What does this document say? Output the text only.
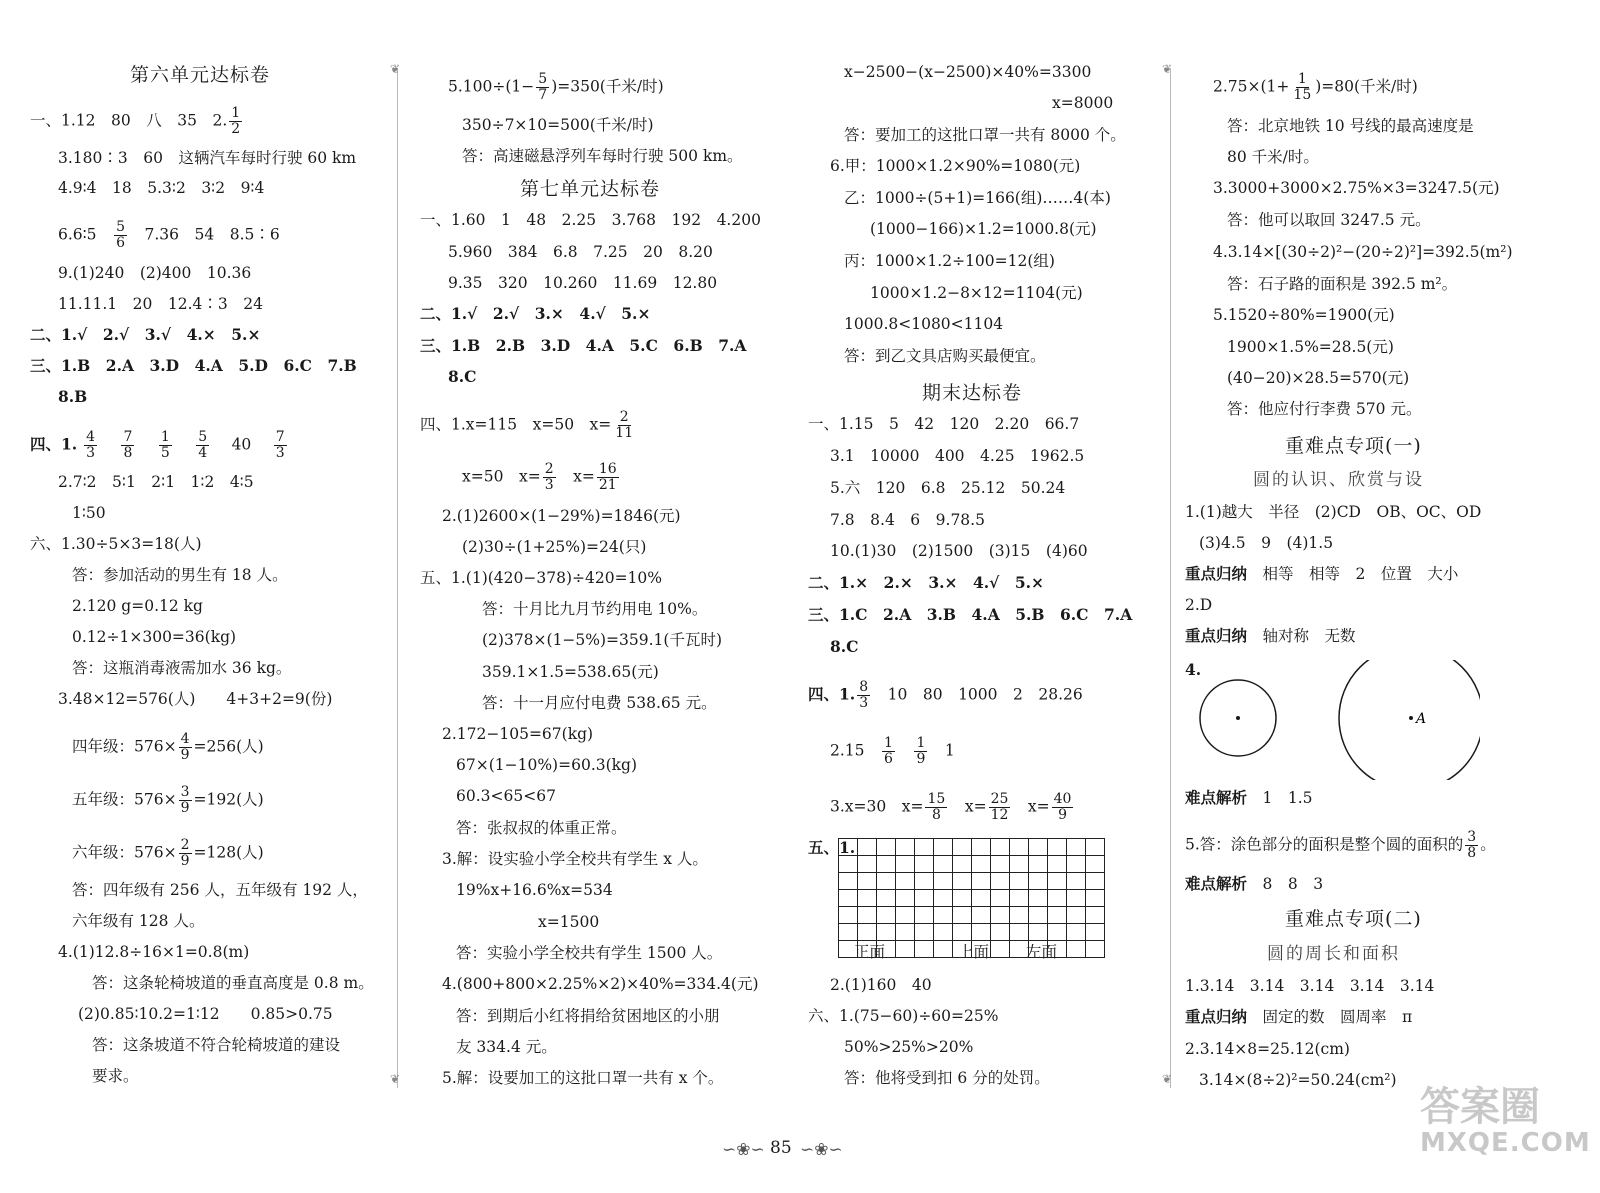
第六单元达标卷
一、1.12　80　八　35　2. $\frac{1}{2}$
3.180∶3　60　这辆汽车每时行驶 60 km
4.9∶4　18　5.3∶2　3∶2　9∶4
6.6∶5　 $\frac{5}{6}$
　 7.36　54　8.5∶6
9.(1)240　(2)400　10.36
11.11.1　20　12.4∶3　24
二、1.√　2.√　3.√　4.×　5.×
三、1.B　2.A　3.D　4.A　5.D　6.C　7.B
8.B
四、1. $\frac{4}{3}$
　 $\frac{7}{8}$
　 $\frac{1}{5}$
　 $\frac{5}{4}$
　 40　 $\frac{7}{3}$
2.7∶2　5∶1　2∶1　1∶2　4∶5
1∶50
六、1.30÷5×3=18(人)
答：参加活动的男生有 18 人。
2.120 g=0.12 kg
0.12÷1×300=36(kg)
答：这瓶消毒液需加水 36 kg。
3.48×12=576(人)　　4+3+2=9(份)
四年级：$576\times \frac{4}{9} =256$(人)
五年级：$576\times \frac{3}{9} =192$(人)
六年级：$576\times \frac{2}{9} =128$(人)
答：四年级有 256 人，五年级有 192 人，
六年级有 128 人。
4.(1)12.8÷16×1=0.8(m)
答：这条轮椅坡道的垂直高度是 0.8 m。
(2)0.85∶10.2=1∶12　　0.85>0.75
答：这条坡道不符合轮椅坡道的建设
要求。
❦
❦
$5.100\div(1- \frac{5}{7} )=350$(千米/时)
350÷7×10=500(千米/时)
答：高速磁悬浮列车每时行驶 500 km。
第七单元达标卷
一、1.60　1　48　2.25　3.768　192　4.200
5.960　384　6.8　7.25　20　8.20
9.35　320　10.260　11.69　12.80
二、1.√　2.√　3.×　4.√　5.×
三、1.B　2.B　3.D　4.A　5.C　6.B　7.A
8.C
四、1.x=115　x=50　$x= \frac{2}{11}$
x=50　$x= \frac{2}{3}$
　 $x= \frac{16}{21}$
2.(1)2600×(1−29%)=1846(元)
(2)30÷(1+25%)=24(只)
五、1.(1)(420−378)÷420=10%
答：十月比九月节约用电 10%。
(2)378×(1−5%)=359.1(千瓦时)
359.1×1.5=538.65(元)
答：十一月应付电费 538.65 元。
2.172−105=67(kg)
67×(1−10%)=60.3(kg)
60.3<65<67
答：张叔叔的体重正常。
3.解：设实验小学全校共有学生 x 人。
19%x+16.6%x=534
x=1500
答：实验小学全校共有学生 1500 人。
4.(800+800×2.25%×2)×40%=334.4(元)
答：到期后小红将捐给贫困地区的小朋
友 334.4 元。
5.解：设要加工的这批口罩一共有 x 个。
x−2500−(x−2500)×40%=3300
x=8000
答：要加工的这批口罩一共有 8000 个。
6.甲：1000×1.2×90%=1080(元)
乙：1000÷(5+1)=166(组)……4(本)
(1000−166)×1.2=1000.8(元)
丙：1000×1.2÷100=12(组)
1000×1.2−8×12=1104(元)
1000.8<1080<1104
答：到乙文具店购买最便宜。
期末达标卷
一、1.15　5　42　120　2.20　66.7
3.1　10000　400　4.25　1962.5
5.六　120　6.8　25.12　50.24
7.8　8.4　6　9.78.5
10.(1)30　(2)1500　(3)15　(4)60
二、1.×　2.×　3.×　4.√　5.×
三、1.C　2.A　3.B　4.A　5.B　6.C　7.A
8.C
四、1. $\frac{8}{3}$
　 10　80　1000　2　28.26
2.15　 $\frac{1}{6}$
　 $\frac{1}{9}$
　 1
3.x=30　$x= \frac{15}{8}$
　 $x= \frac{25}{12}$
　 $x= \frac{40}{9}$
五、1.
正面	上面 左面
2.(1)160　40
六、1.(75−60)÷60=25%
50%>25%>20%
答：他将受到扣 6 分的处罚。

❦
❦
$2.75\times(1+ \frac{1}{15} )=80$(千米/时)
答：北京地铁 10 号线的最高速度是
80 千米/时。
3.3000+3000×2.75%×3=3247.5(元)
答：他可以取回 3247.5 元。
4.3.14×[(30÷2)²−(20÷2)²]=392.5(m²)
答：石子路的面积是 392.5 m²。
5.1520÷80%=1900(元)
1900×1.5%=28.5(元)
(40−20)×28.5=570(元)
答：他应付行李费 570 元。
重难点专项(一)
圆的认识、欣赏与设
1.(1)越大　半径　(2)CD　OB、OC、OD
(3)4.5　9　(4)1.5
重点归纳　 相等　相等　2　位置　大小
2.D
重点归纳　 轴对称　无数
4.
难点解析　 1　1.5
5.答：涂色部分的面积是整个圆的面积的 $\frac{3}{8}$ 。
难点解析　 8　8　3
重难点专项(二)
圆的周长和面积
1.3.14　3.14　3.14　3.14　3.14
重点归纳　 固定的数　圆周率　π
2.3.14×8=25.12(cm)
3.14×(8÷2)²=50.24(cm²)
A
∽❀∽ 85 ∽❀∽
答案圈
MXQE.COM
